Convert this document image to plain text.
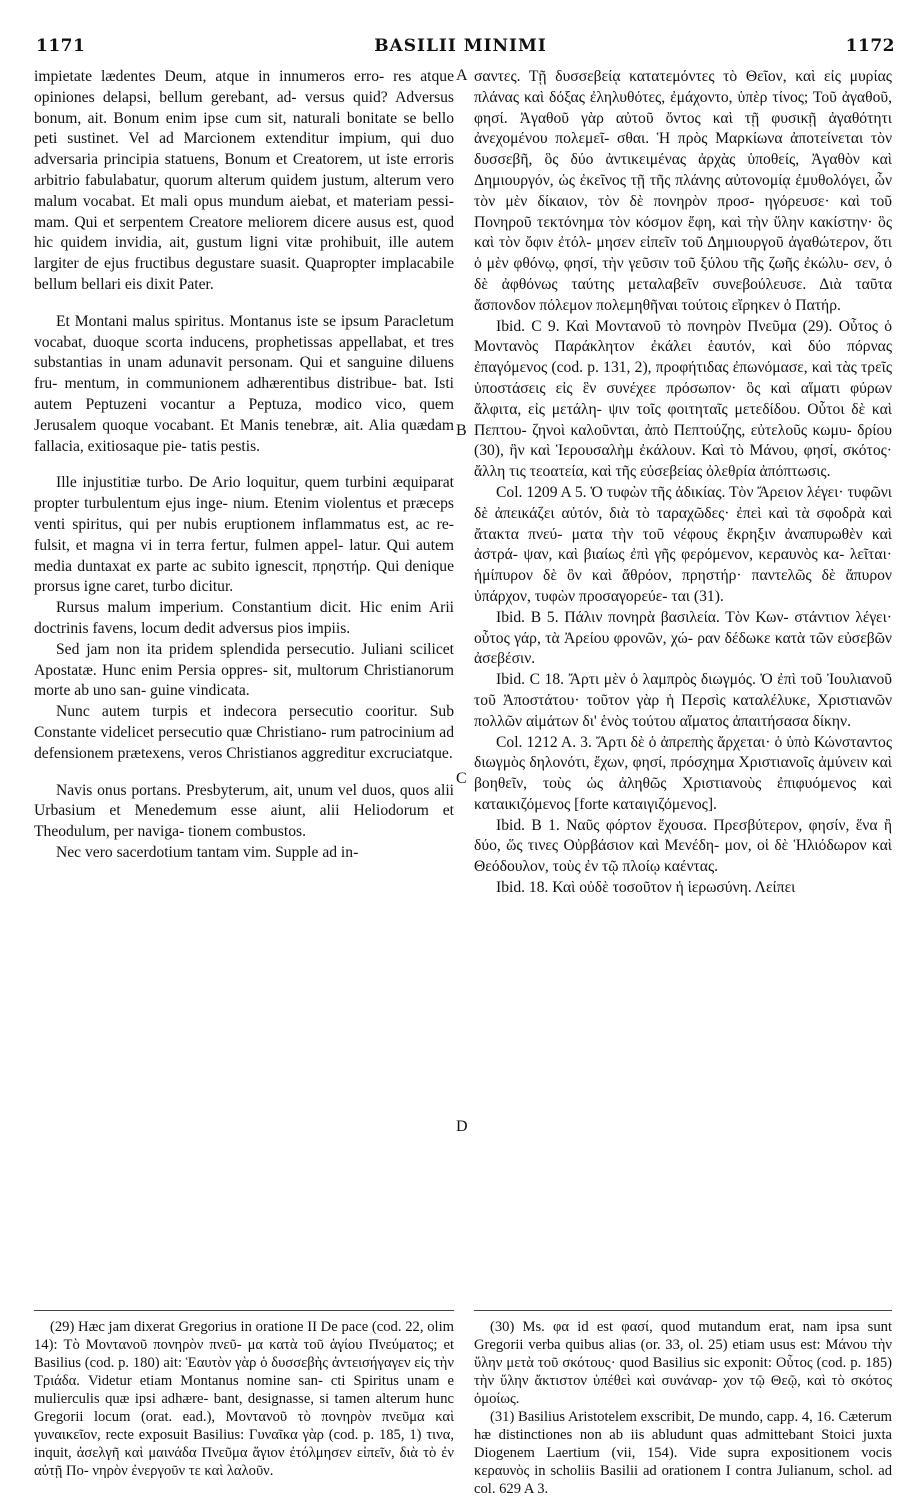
1171	BASILII MINIMI	1172
A
B
C
D

impietate lædentes Deum, atque in innumeros erro- res atque opiniones delapsi, bellum gerebant, ad- versus quid? Adversus bonum, ait. Bonum enim ipse cum sit, naturali bonitate se bello peti sustinet. Vel ad Marcionem extenditur impium, qui duo adversaria principia statuens, Bonum et Creatorem, ut iste erroris arbitrio fabulabatur, quorum alterum quidem justum, alterum vero malum vocabat. Et mali opus mundum aiebat, et materiam pessi- mam. Qui et serpentem Creatore meliorem dicere ausus est, quod hic quidem invidia, ait, gustum ligni vitæ prohibuit, ille autem largiter de ejus fructibus degustare suasit. Quapropter implacabile bellum bellari eis dixit Pater.

Et Montani malus spiritus. Montanus iste se ipsum Paracletum vocabat, duoque scorta inducens, prophetissas appellabat, et tres substantias in unam adunavit personam. Qui et sanguine diluens fru- mentum, in communionem adhærentibus distribue- bat. Isti autem Peptuzeni vocantur a Peptuza, modico vico, quem Jerusalem quoque vocabant. Et Manis tenebræ, ait. Alia quædam fallacia, exitiosaque pie- tatis pestis.

Ille injustitiæ turbo. De Ario loquitur, quem turbini æquiparat propter turbulentum ejus inge- nium. Etenim violentus et præceps venti spiritus, qui per nubis eruptionem inflammatus est, ac re- fulsit, et magna vi in terra fertur, fulmen appel- latur. Qui autem media duntaxat ex parte ac subito ignescit, πρηστήρ. Qui denique prorsus igne caret, turbo dicitur.

Rursus malum imperium. Constantium dicit. Hic enim Arii doctrinis favens, locum dedit adversus pios impiis.

Sed jam non ita pridem splendida persecutio. Juliani scilicet Apostatæ. Hunc enim Persia oppres- sit, multorum Christianorum morte ab uno san- guine vindicata.

Nunc autem turpis et indecora persecutio cooritur. Sub Constante videlicet persecutio quæ Christiano- rum patrocinium ad defensionem prætexens, veros Christianos aggreditur excruciatque.

Navis onus portans. Presbyterum, ait, unum vel duos, quos alii Urbasium et Menedemum esse aiunt, alii Heliodorum et Theodulum, per naviga- tionem combustos.

Nec vero sacerdotium tantam vim. Supple ad in-

σαντες. Τῇ δυσσεβείᾳ κατατεμόντες τὸ Θεῖον, καὶ εἰς μυρίας πλάνας καὶ δόξας ἐληλυθότες, ἐμάχοντο, ὑπὲρ τίνος; Τοῦ ἀγαθοῦ, φησί. Ἀγαθοῦ γὰρ αὐτοῦ ὄντος καὶ τῇ φυσικῇ ἀγαθότητι ἀνεχομένου πολεμεῖ- σθαι. Ἡ πρὸς Μαρκίωνα ἀποτείνεται τὸν δυσσεβῆ, ὃς δύο ἀντικειμένας ἀρχὰς ὑποθείς, Ἀγαθὸν καὶ Δημιουργόν, ὡς ἐκεῖνος τῇ τῆς πλάνης αὐτονομίᾳ ἐμυθολόγει, ὧν τὸν μὲν δίκαιον, τὸν δὲ πονηρὸν προσ- ηγόρευσε· καὶ τοῦ Πονηροῦ τεκτόνημα τὸν κόσμον ἔφη, καὶ τὴν ὕλην κακίστην· ὃς καὶ τὸν ὄφιν ἐτόλ- μησεν εἰπεῖν τοῦ Δημιουργοῦ ἀγαθώτερον, ὅτι ὁ μὲν φθόνῳ, φησί, τὴν γεῦσιν τοῦ ξύλου τῆς ζωῆς ἐκώλυ- σεν, ὁ δὲ ἀφθόνως ταύτης μεταλαβεῖν συνεβούλευσε. Διὰ ταῦτα ἄσπονδον πόλεμον πολεμηθῆναι τούτοις εἴρηκεν ὁ Πατήρ.

Ibid. C 9. Καὶ Μοντανοῦ τὸ πονηρὸν Πνεῦμα (29). Οὗτος ὁ Μοντανὸς Παράκλητον ἐκάλει ἑαυτόν, καὶ δύο πόρνας ἐπαγόμενος (cod. p. 131, 2), προφήτιδας ἐπωνόμασε, καὶ τὰς τρεῖς ὑποστάσεις εἰς ἓν συνέχεε πρόσωπον· ὃς καὶ αἵματι φύρων ἄλφιτα, εἰς μετάλη- ψιν τοῖς φοιτηταῖς μετεδίδου. Οὗτοι δὲ καὶ Πεπτου- ζηνοὶ καλοῦνται, ἀπὸ Πεπτούζης, εὐτελοῦς κωμυ- δρίου (30), ἣν καὶ Ἱερουσαλὴμ ἐκάλουν. Καὶ τὸ Μάνου, φησί, σκότος· ἄλλη τις τεοατεία, καὶ τῆς εὐσεβείας ὀλεθρία ἀπόπτωσις.

Col. 1209 A 5. Ὁ τυφὼν τῆς ἀδικίας. Τὸν Ἄρειον λέγει· τυφῶνι δὲ ἀπεικάζει αὐτόν, διὰ τὸ ταραχῶδες· ἐπεὶ καὶ τὰ σφοδρὰ καὶ ἄτακτα πνεύ- ματα τὴν τοῦ νέφους ἔκρηξιν ἀναπυρωθὲν καὶ ἀστρά- ψαν, καὶ βιαίως ἐπὶ γῆς φερόμενον, κεραυνὸς κα- λεῖται· ἡμίπυρον δὲ ὂν καὶ ἄθρόον, πρηστήρ· παντελῶς δὲ ἄπυρον ὑπάρχον, τυφὼν προσαγορεύε- ται (31).

Ibid. B 5. Πάλιν πονηρὰ βασιλεία. Τὸν Κων- στάντιον λέγει· οὗτος γάρ, τὰ Ἀρείου φρονῶν, χώ- ραν δέδωκε κατὰ τῶν εὐσεβῶν ἀσεβέσιν.

Ibid. C 18. Ἄρτι μὲν ὁ λαμπρὸς διωγμός. Ὁ ἐπὶ τοῦ Ἰουλιανοῦ τοῦ Ἀποστάτου· τοῦτον γὰρ ἡ Περσὶς καταλέλυκε, Χριστιανῶν πολλῶν αἱμάτων δι' ἑνὸς τούτου αἵματος ἀπαιτήσασα δίκην.

Col. 1212 A. 3. Ἄρτι δὲ ὁ ἀπρεπὴς ἄρχεται· ὁ ὑπὸ Κώνσταντος διωγμὸς δηλονότι, ἔχων, φησί, πρόσχημα Χριστιανοῖς ἀμύνειν καὶ βοηθεῖν, τοὺς ὡς ἀληθῶς Χριστιανοὺς ἐπιφυόμενος καὶ καταικιζόμενος [forte καταιγιζόμενος].

Ibid. B 1. Ναῦς φόρτον ἔχουσα. Πρεσβύτερον, φησίν, ἕνα ἢ δύο, ὥς τινες Οὐρβάσιον καὶ Μενέδη- μον, οἱ δὲ Ἡλιόδωρον καὶ Θεόδουλον, τοὺς ἐν τῷ πλοίῳ καέντας.

Ibid. 18. Καὶ οὐδὲ τοσοῦτον ἡ ἱερωσύνη. Λείπει

(29) Hæc jam dixerat Gregorius in oratione II De pace (cod. 22, olim 14): Τὸ Μοντανοῦ πονηρὸν πνεῦ- μα κατὰ τοῦ ἁγίου Πνεύματος; et Basilius (cod. p. 180) ait: Ἑαυτὸν γὰρ ὁ δυσσεβὴς ἀντεισήγαγεν εἰς τὴν Τριάδα. Videtur etiam Montanus nomine san- cti Spiritus unam e mulierculis quæ ipsi adhære- bant, designasse, si tamen alterum hunc Gregorii locum (orat. ead.), Μοντανοῦ τὸ πονηρὸν πνεῦμα καὶ γυναικεῖον, recte exposuit Basilius: Γυναῖκα γὰρ (cod. p. 185, 1) τινα, inquit, ἀσελγῆ καὶ μαινάδα Πνεῦμα ἅγιον ἐτόλμησεν εἰπεῖν, διὰ τὸ ἐν αὐτῇ Πο- νηρὸν ἐνεργοῦν τε καὶ λαλοῦν.

(30) Ms. φα id est φασί, quod mutandum erat, nam ipsa sunt Gregorii verba quibus alias (or. 33, ol. 25) etiam usus est: Μάνου τὴν ὕλην μετὰ τοῦ σκότους· quod Basilius sic exponit: Οὗτος (cod. p. 185) τὴν ὕλην ἄκτιστον ὑπέθεὶ καὶ συνάναρ- χον τῷ Θεῷ, καὶ τὸ σκότος ὁμοίως.

(31) Basilius Aristotelem exscribit, De mundo, capp. 4, 16. Cæterum hæ distinctiones non ab iis abludunt quas admittebant Stoici juxta Diogenem Laertium (vii, 154). Vide supra expositionem vocis κεραυνὸς in scholiis Basilii ad orationem I contra Julianum, schol. ad col. 629 A 3.
